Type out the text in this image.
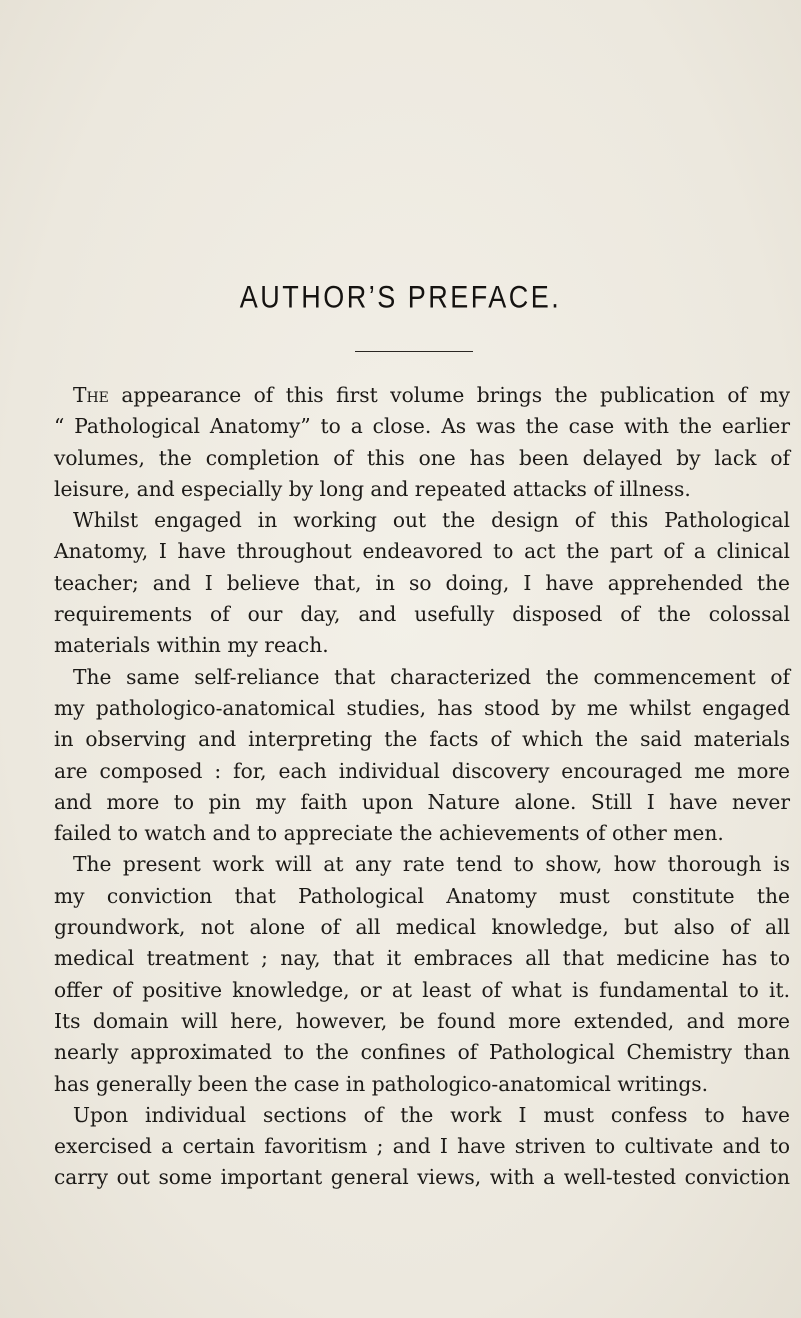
AUTHOR’S PREFACE.
The appearance of this first volume brings the publication of my
“ Pathological Anatomy” to a close. As was the case with the earlier
volumes, the completion of this one has been delayed by lack of
leisure, and especially by long and repeated attacks of illness.
Whilst engaged in working out the design of this Pathological
Anatomy, I have throughout endeavored to act the part of a clinical
teacher; and I believe that, in so doing, I have apprehended the
requirements of our day, and usefully disposed of the colossal
materials within my reach.
The same self-reliance that characterized the commencement of
my pathologico-anatomical studies, has stood by me whilst engaged
in observing and interpreting the facts of which the said materials
are composed : for, each individual discovery encouraged me more
and more to pin my faith upon Nature alone. Still I have never
failed to watch and to appreciate the achievements of other men.
The present work will at any rate tend to show, how thorough is
my conviction that Pathological Anatomy must constitute the
groundwork, not alone of all medical knowledge, but also of all
medical treatment ; nay, that it embraces all that medicine has to
offer of positive knowledge, or at least of what is fundamental to it.
Its domain will here, however, be found more extended, and more
nearly approximated to the confines of Pathological Chemistry than
has generally been the case in pathologico-anatomical writings.
Upon individual sections of the work I must confess to have
exercised a certain favoritism ; and I have striven to cultivate and to
carry out some important general views, with a well-tested conviction
